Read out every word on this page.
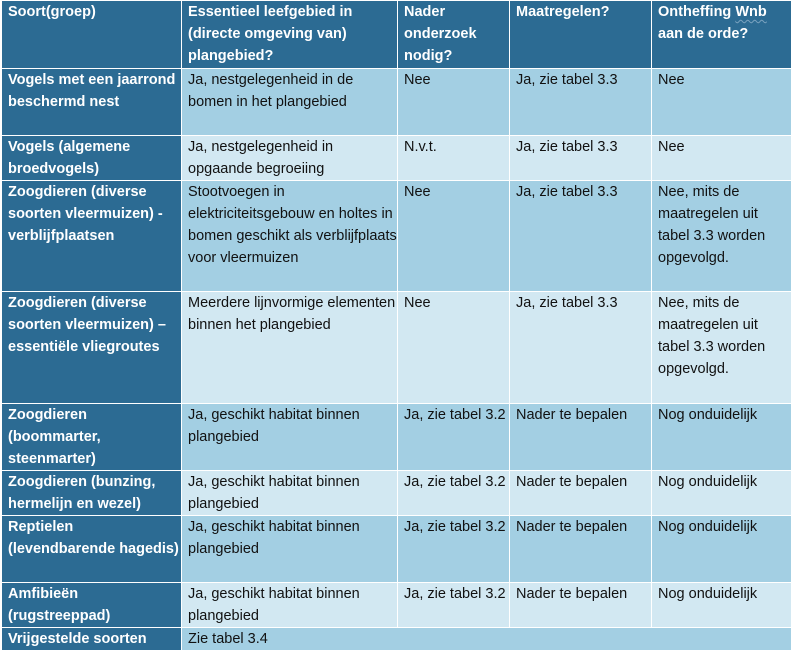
Soort(groep)	Essentieel leefgebied in (directe omgeving van) plangebied?	Nader onderzoek nodig?	Maatregelen?	Ontheffing Wnb aan de orde?
Vogels met een jaarrond beschermd nest	Ja, nestgelegenheid in de bomen in het plangebied	Nee	Ja, zie tabel 3.3	Nee
Vogels (algemene broedvogels)	Ja, nestgelegenheid in opgaande begroeiing	N.v.t.	Ja, zie tabel 3.3	Nee
Zoogdieren (diverse soorten vleermuizen) - verblijfplaatsen	Stootvoegen in elektriciteitsgebouw en holtes in bomen geschikt als verblijfplaats voor vleermuizen	Nee	Ja, zie tabel 3.3	Nee, mits de maatregelen uit tabel 3.3 worden opgevolgd.
Zoogdieren (diverse soorten vleermuizen) – essentiële vliegroutes	Meerdere lijnvormige elementen binnen het plangebied	Nee	Ja, zie tabel 3.3	Nee, mits de maatregelen uit tabel 3.3 worden opgevolgd.
Zoogdieren (boommarter, steenmarter)	Ja, geschikt habitat binnen plangebied	Ja, zie tabel 3.2	Nader te bepalen	Nog onduidelijk
Zoogdieren (bunzing, hermelijn en wezel)	Ja, geschikt habitat binnen plangebied	Ja, zie tabel 3.2	Nader te bepalen	Nog onduidelijk
Reptielen (levendbarende hagedis)	Ja, geschikt habitat binnen plangebied	Ja, zie tabel 3.2	Nader te bepalen	Nog onduidelijk
Amfibieën (rugstreeppad)	Ja, geschikt habitat binnen plangebied	Ja, zie tabel 3.2	Nader te bepalen	Nog onduidelijk
Vrijgestelde soorten	Zie tabel 3.4			
